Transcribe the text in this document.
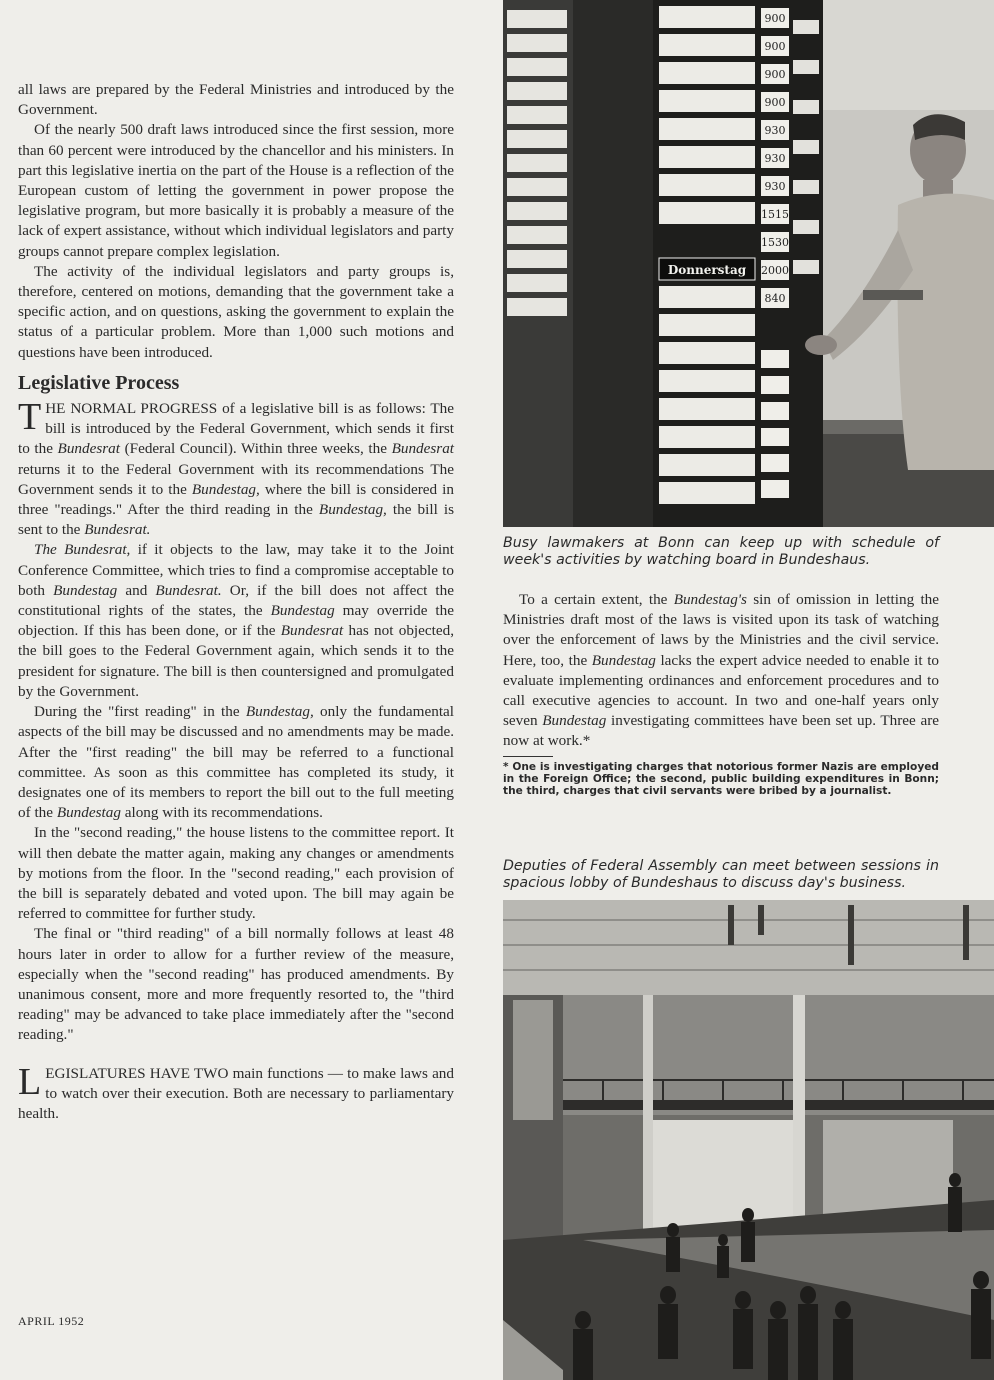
all laws are prepared by the Federal Ministries and introduced by the Government.

Of the nearly 500 draft laws introduced since the first session, more than 60 percent were introduced by the chancellor and his ministers. In part this legislative inertia on the part of the House is a reflection of the European custom of letting the government in power propose the legislative program, but more basically it is probably a measure of the lack of expert assistance, without which individual legislators and party groups cannot prepare complex legislation.

The activity of the individual legislators and party groups is, therefore, centered on motions, demanding that the government take a specific action, and on questions, asking the government to explain the status of a particular problem. More than 1,000 such motions and questions have been introduced.

Legislative Process

THE NORMAL PROGRESS of a legislative bill is as follows: The bill is introduced by the Federal Government, which sends it first to the Bundesrat (Federal Council). Within three weeks, the Bundesrat returns it to the Federal Government with its recommendations The Government sends it to the Bundestag, where the bill is considered in three "readings." After the third reading in the Bundestag, the bill is sent to the Bundesrat.

The Bundesrat, if it objects to the law, may take it to the Joint Conference Committee, which tries to find a compromise acceptable to both Bundestag and Bundesrat. Or, if the bill does not affect the constitutional rights of the states, the Bundestag may override the objection. If this has been done, or if the Bundesrat has not objected, the bill goes to the Federal Government again, which sends it to the president for signature. The bill is then countersigned and promulgated by the Government.

During the "first reading" in the Bundestag, only the fundamental aspects of the bill may be discussed and no amendments may be made. After the "first reading" the bill may be referred to a functional committee. As soon as this committee has completed its study, it designates one of its members to report the bill out to the full meeting of the Bundestag along with its recommendations.

In the "second reading," the house listens to the committee report. It will then debate the matter again, making any changes or amendments by motions from the floor. In the "second reading," each provision of the bill is separately debated and voted upon. The bill may again be referred to committee for further study.

The final or "third reading" of a bill normally follows at least 48 hours later in order to allow for a further review of the measure, especially when the "second reading" has produced amendments. By unanimous consent, more and more frequently resorted to, the "third reading" may be advanced to take place immediately after the "second reading."

LEGISLATURES HAVE TWO main functions — to make laws and to watch over their execution. Both are necessary to parliamentary health.

APRIL 1952
Donnerstag
900
900
900
900
930
930
930
1515
1530
2000
840
Busy lawmakers at Bonn can keep up with schedule of week's activities by watching board in Bundeshaus.

To a certain extent, the Bundestag's sin of omission in letting the Ministries draft most of the laws is visited upon its task of watching over the enforcement of laws by the Ministries and the civil service. Here, too, the Bundestag lacks the expert advice needed to enable it to evaluate implementing ordinances and enforcement procedures and to call executive agencies to account. In two and one-half years only seven Bundestag investigating committees have been set up. Three are now at work.*

* One is investigating charges that notorious former Nazis are employed in the Foreign Office; the second, public building expenditures in Bonn; the third, charges that civil servants were bribed by a journalist.
Deputies of Federal Assembly can meet between sessions in spacious lobby of Bundeshaus to discuss day's business.
